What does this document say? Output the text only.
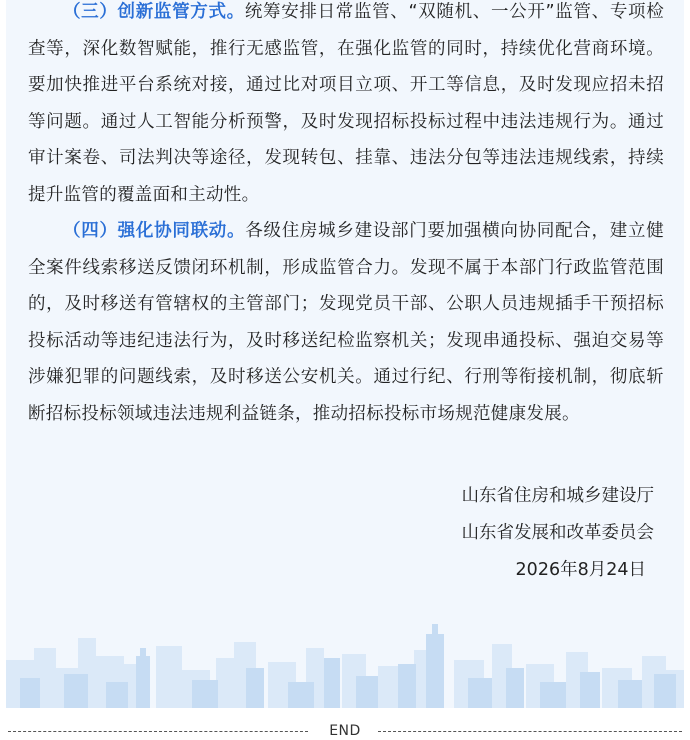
（三）创新监管方式。统筹安排日常监管、“双随机、一公开”监管、专项检查等，深化数智赋能，推行无感监管，在强化监管的同时，持续优化营商环境。要加快推进平台系统对接，通过比对项目立项、开工等信息，及时发现应招未招等问题。通过人工智能分析预警，及时发现招标投标过程中违法违规行为。通过审计案卷、司法判决等途径，发现转包、挂靠、违法分包等违法违规线索，持续提升监管的覆盖面和主动性。

（四）强化协同联动。各级住房城乡建设部门要加强横向协同配合，建立健全案件线索移送反馈闭环机制，形成监管合力。发现不属于本部门行政监管范围的，及时移送有管辖权的主管部门；发现党员干部、公职人员违规插手干预招标投标活动等违纪违法行为，及时移送纪检监察机关；发现串通投标、强迫交易等涉嫌犯罪的问题线索，及时移送公安机关。通过行纪、行刑等衔接机制，彻底斩断招标投标领域违法违规利益链条，推动招标投标市场规范健康发展。

山东省住房和城乡建设厅
山东省发展和改革委员会
2026年8月24日
END
